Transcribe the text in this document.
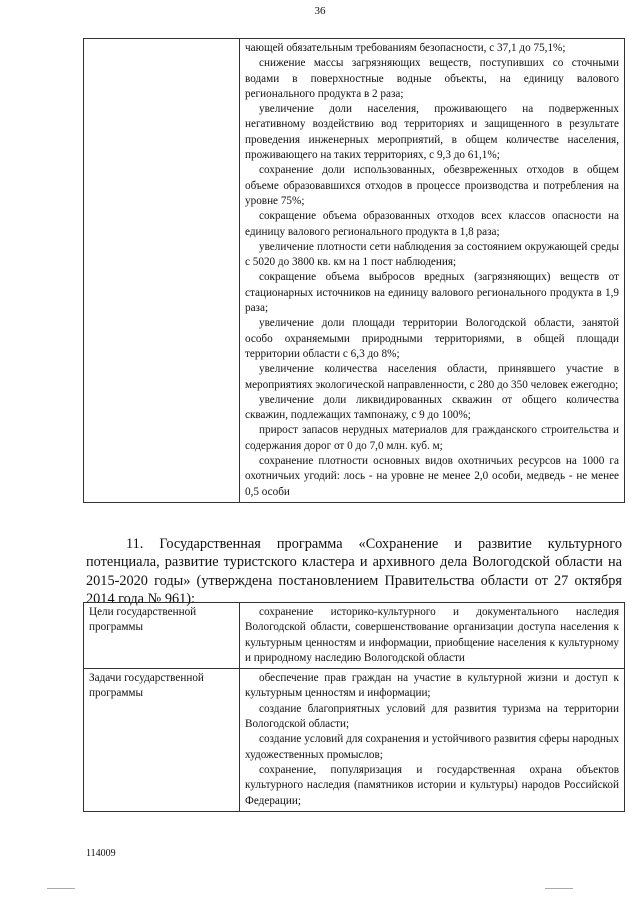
36

чающей обязательным требованиям безопасности, с 37,1 до 75,1%;

снижение массы загрязняющих веществ, поступивших со сточными водами в поверхностные водные объекты, на единицу валового регионального продукта в 2 раза;

увеличение доли населения, проживающего на подверженных негативному воздействию вод территориях и защищенного в результате проведения инженерных мероприятий, в общем количестве населения, проживающего на таких территориях, с 9,3 до 61,1%;

сохранение доли использованных, обезвреженных отходов в общем объеме образовавшихся отходов в процессе производства и потребления на уровне 75%;

сокращение объема образованных отходов всех классов опасности на единицу валового регионального продукта в 1,8 раза;

увеличение плотности сети наблюдения за состоянием окружающей среды с 5020 до 3800 кв. км на 1 пост наблюдения;

сокращение объема выбросов вредных (загрязняющих) веществ от стационарных источников на единицу валового регионального продукта в 1,9 раза;

увеличение доли площади территории Вологодской области, занятой особо охраняемыми природными территориями, в общей площади территории области с 6,3 до 8%;

увеличение количества населения области, принявшего участие в мероприятиях экологической направленности, с 280 до 350 человек ежегодно;

увеличение доли ликвидированных скважин от общего количества скважин, подлежащих тампонажу, с 9 до 100%;

прирост запасов нерудных материалов для гражданского строительства и содержания дорог от 0 до 7,0 млн. куб. м;

сохранение плотности основных видов охотничьих ресурсов на 1000 га охотничьих угодий: лось - на уровне не менее 2,0 особи, медведь - не менее 0,5 особи

11. Государственная программа «Сохранение и развитие культурного потенциала, развитие туристского кластера и архивного дела Вологодской области на 2015-2020 годы» (утверждена постановлением Правительства области от 27 октября 2014 года № 961):

Цели государственной программы	сохранение историко-культурного и документального наследия Вологодской области, совершенствование организации доступа населения к культурным ценностям и информации, приобщение населения к культурному и природному наследию Вологодской области

Задачи государственной программы	обеспечение прав граждан на участие в культурной жизни и доступ к культурным ценностям и информации;

создание благоприятных условий для развития туризма на территории Вологодской области;

создание условий для сохранения и устойчивого развития сферы народных художественных промыслов;

сохранение, популяризация и государственная охрана объектов культурного наследия (памятников истории и культуры) народов Российской Федерации;

114009
